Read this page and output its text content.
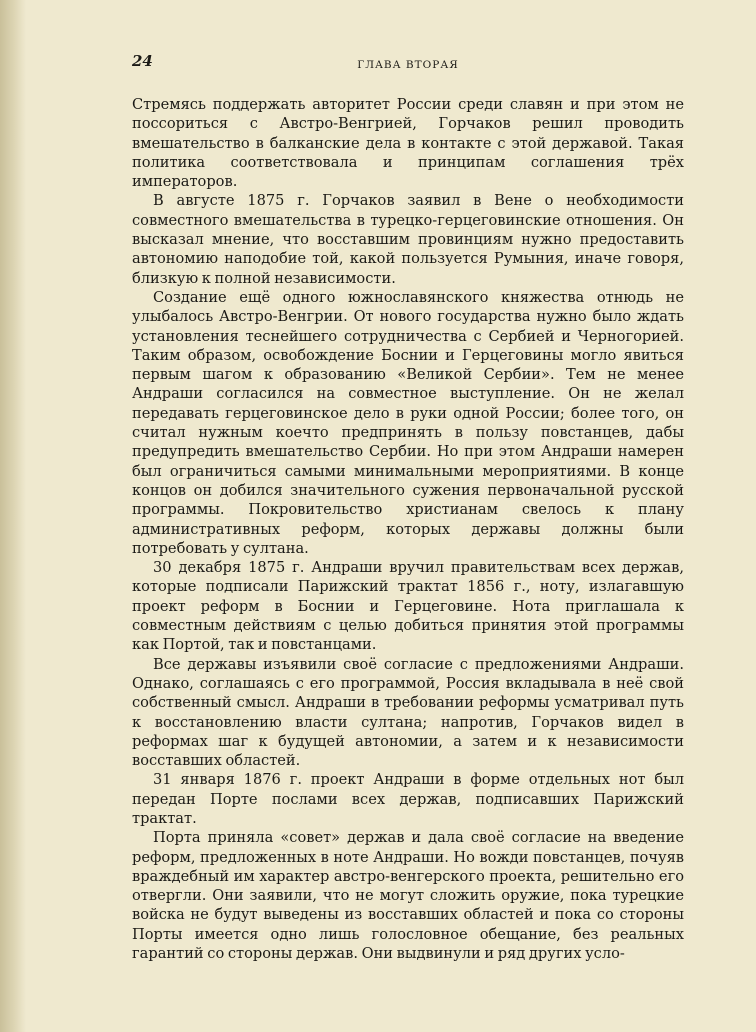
24	ГЛАВА ВТОРАЯ

Стремясь поддержать авторитет России среди славян и при этом не поссориться с Австро-Венгрией, Горчаков решил проводить вмешательство в балканские дела в контакте с этой державой. Такая политика соответствовала и принципам соглашения трёх императоров.

В августе 1875 г. Горчаков заявил в Вене о необходимости совместного вмешательства в турецко-герцеговинские отношения. Он высказал мнение, что восставшим провинциям нужно предоставить автономию наподобие той, какой пользуется Румыния, иначе говоря, близкую к полной независимости.

Создание ещё одного южнославянского княжества отнюдь не улыбалось Австро-Венгрии. От нового государства нужно было ждать установления теснейшего сотрудничества с Сербией и Черногорией. Таким образом, освобождение Боснии и Герцеговины могло явиться первым шагом к образованию «Великой Сербии». Тем не менее Андраши согласился на совместное выступление. Он не желал передавать герцеговинское дело в руки одной России; более того, он считал нужным коечто предпринять в пользу повстанцев, дабы предупредить вмешательство Сербии. Но при этом Андраши намерен был ограничиться самыми минимальными мероприятиями. В конце концов он добился значительного сужения первоначальной русской программы. Покровительство христианам свелось к плану административных реформ, которых державы должны были потребовать у султана.

30 декабря 1875 г. Андраши вручил правительствам всех держав, которые подписали Парижский трактат 1856 г., ноту, излагавшую проект реформ в Боснии и Герцеговине. Нота приглашала к совместным действиям с целью добиться принятия этой программы как Портой, так и повстанцами.

Все державы изъявили своё согласие с предложениями Андраши. Однако, соглашаясь с его программой, Россия вкладывала в неё свой собственный смысл. Андраши в требовании реформы усматривал путь к восстановлению власти султана; напротив, Горчаков видел в реформах шаг к будущей автономии, а затем и к независимости восставших областей.

31 января 1876 г. проект Андраши в форме отдельных нот был передан Порте послами всех держав, подписавших Парижский трактат.

Порта приняла «совет» держав и дала своё согласие на введение реформ, предложенных в ноте Андраши. Но вожди повстанцев, почуяв враждебный им характер австро-венгерского проекта, решительно его отвергли. Они заявили, что не могут сложить оружие, пока турецкие войска не будут выведены из восставших областей и пока со стороны Порты имеется одно лишь голословное обещание, без реальных гарантий со стороны держав. Они выдвинули и ряд других усло-
